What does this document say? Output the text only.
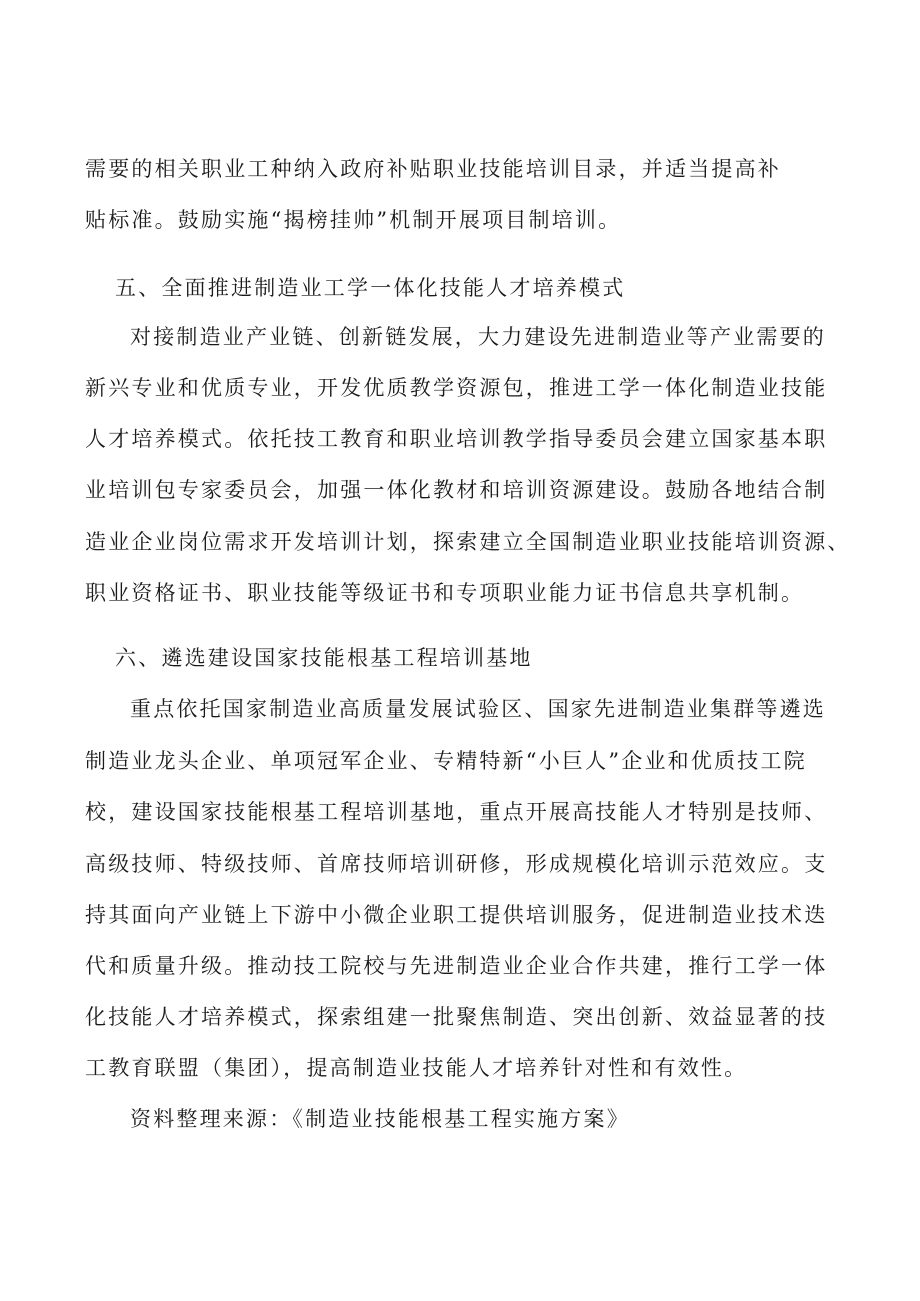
需要的相关职业工种纳入政府补贴职业技能培训目录，并适当提高补
贴标准。鼓励实施“揭榜挂帅”机制开展项目制培训。
五、全面推进制造业工学一体化技能人才培养模式
对接制造业产业链、创新链发展，大力建设先进制造业等产业需要的
新兴专业和优质专业，开发优质教学资源包，推进工学一体化制造业技能
人才培养模式。依托技工教育和职业培训教学指导委员会建立国家基本职
业培训包专家委员会，加强一体化教材和培训资源建设。鼓励各地结合制
造业企业岗位需求开发培训计划，探索建立全国制造业职业技能培训资源、
职业资格证书、职业技能等级证书和专项职业能力证书信息共享机制。
六、遴选建设国家技能根基工程培训基地
重点依托国家制造业高质量发展试验区、国家先进制造业集群等遴选
制造业龙头企业、单项冠军企业、专精特新“小巨人”企业和优质技工院
校，建设国家技能根基工程培训基地，重点开展高技能人才特别是技师、
高级技师、特级技师、首席技师培训研修，形成规模化培训示范效应。支
持其面向产业链上下游中小微企业职工提供培训服务，促进制造业技术迭
代和质量升级。推动技工院校与先进制造业企业合作共建，推行工学一体
化技能人才培养模式，探索组建一批聚焦制造、突出创新、效益显著的技
工教育联盟（集团），提高制造业技能人才培养针对性和有效性。
资料整理来源：《制造业技能根基工程实施方案》
